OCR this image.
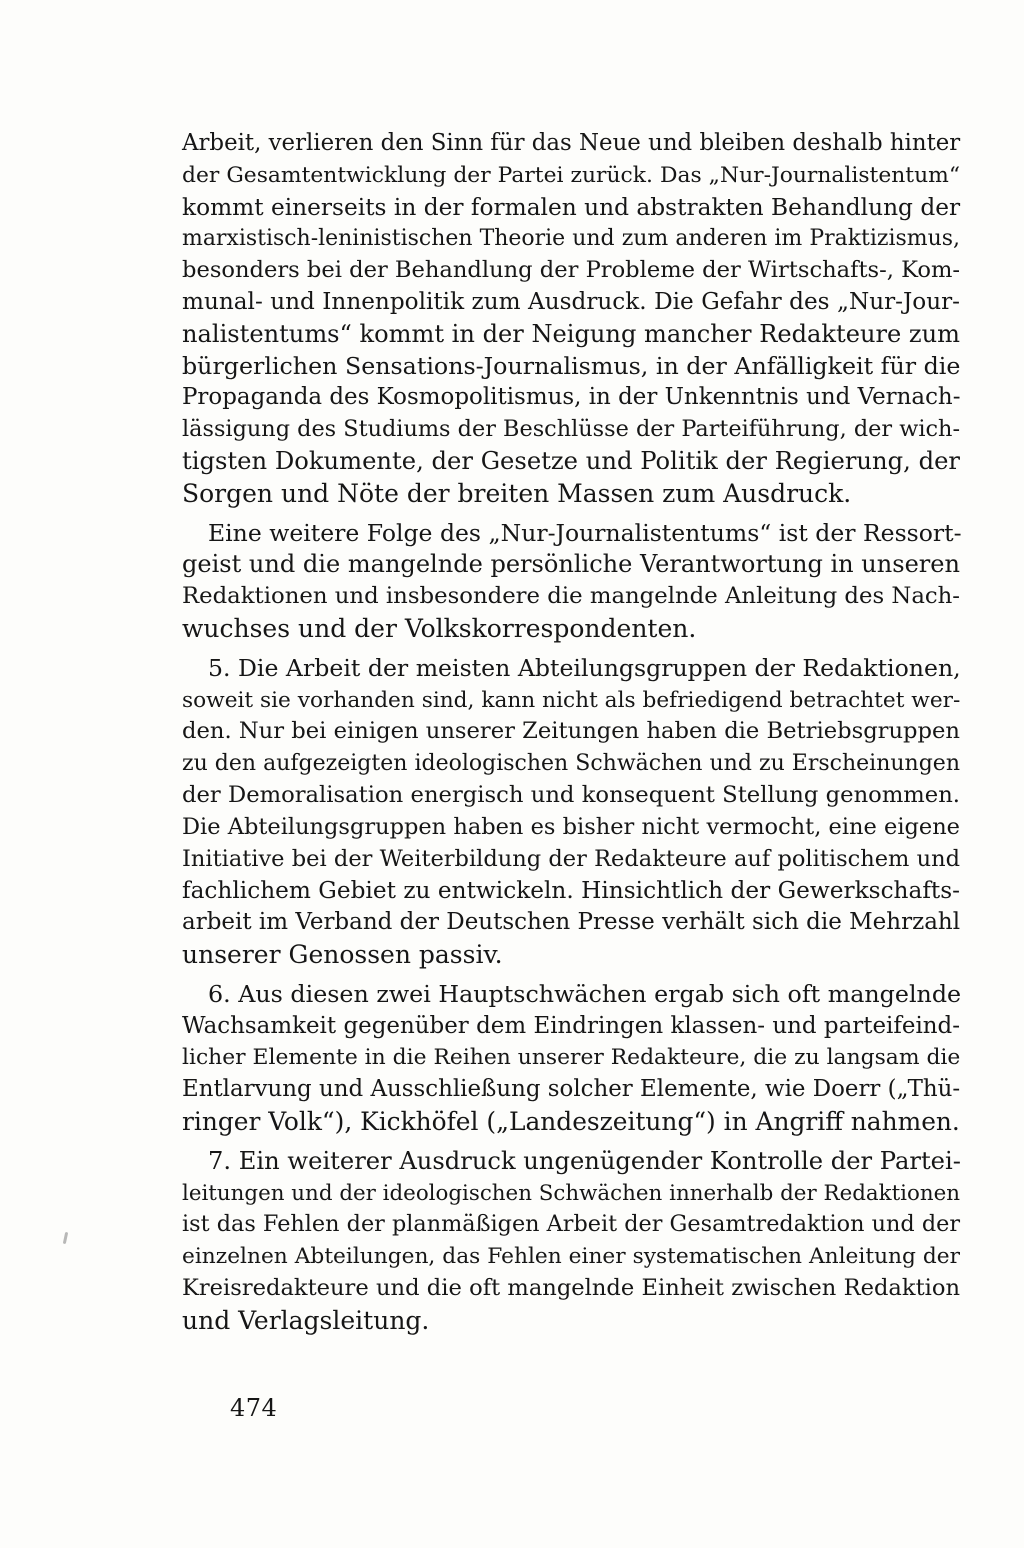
Arbeit, verlieren den Sinn für das Neue und bleiben deshalb hinter
der Gesamtentwicklung der Partei zurück. Das „Nur-Journalistentum“
kommt einerseits in der formalen und abstrakten Behandlung der
marxistisch-leninistischen Theorie und zum anderen im Praktizismus,
besonders bei der Behandlung der Probleme der Wirtschafts-, Kom-
munal- und Innenpolitik zum Ausdruck. Die Gefahr des „Nur-Jour-
nalistentums“ kommt in der Neigung mancher Redakteure zum
bürgerlichen Sensations-Journalismus, in der Anfälligkeit für die
Propaganda des Kosmopolitismus, in der Unkenntnis und Vernach-
lässigung des Studiums der Beschlüsse der Parteiführung, der wich-
tigsten Dokumente, der Gesetze und Politik der Regierung, der
Sorgen und Nöte der breiten Massen zum Ausdruck.
Eine weitere Folge des „Nur-Journalistentums“ ist der Ressort-
geist und die mangelnde persönliche Verantwortung in unseren
Redaktionen und insbesondere die mangelnde Anleitung des Nach-
wuchses und der Volkskorrespondenten.
5. Die Arbeit der meisten Abteilungsgruppen der Redaktionen,
soweit sie vorhanden sind, kann nicht als befriedigend betrachtet wer-
den. Nur bei einigen unserer Zeitungen haben die Betriebsgruppen
zu den aufgezeigten ideologischen Schwächen und zu Erscheinungen
der Demoralisation energisch und konsequent Stellung genommen.
Die Abteilungsgruppen haben es bisher nicht vermocht, eine eigene
Initiative bei der Weiterbildung der Redakteure auf politischem und
fachlichem Gebiet zu entwickeln. Hinsichtlich der Gewerkschafts-
arbeit im Verband der Deutschen Presse verhält sich die Mehrzahl
unserer Genossen passiv.
6. Aus diesen zwei Hauptschwächen ergab sich oft mangelnde
Wachsamkeit gegenüber dem Eindringen klassen- und parteifeind-
licher Elemente in die Reihen unserer Redakteure, die zu langsam die
Entlarvung und Ausschließung solcher Elemente, wie Doerr („Thü-
ringer Volk“), Kickhöfel („Landeszeitung“) in Angriff nahmen.
7. Ein weiterer Ausdruck ungenügender Kontrolle der Partei-
leitungen und der ideologischen Schwächen innerhalb der Redaktionen
ist das Fehlen der planmäßigen Arbeit der Gesamtredaktion und der
einzelnen Abteilungen, das Fehlen einer systematischen Anleitung der
Kreisredakteure und die oft mangelnde Einheit zwischen Redaktion
und Verlagsleitung.
474
